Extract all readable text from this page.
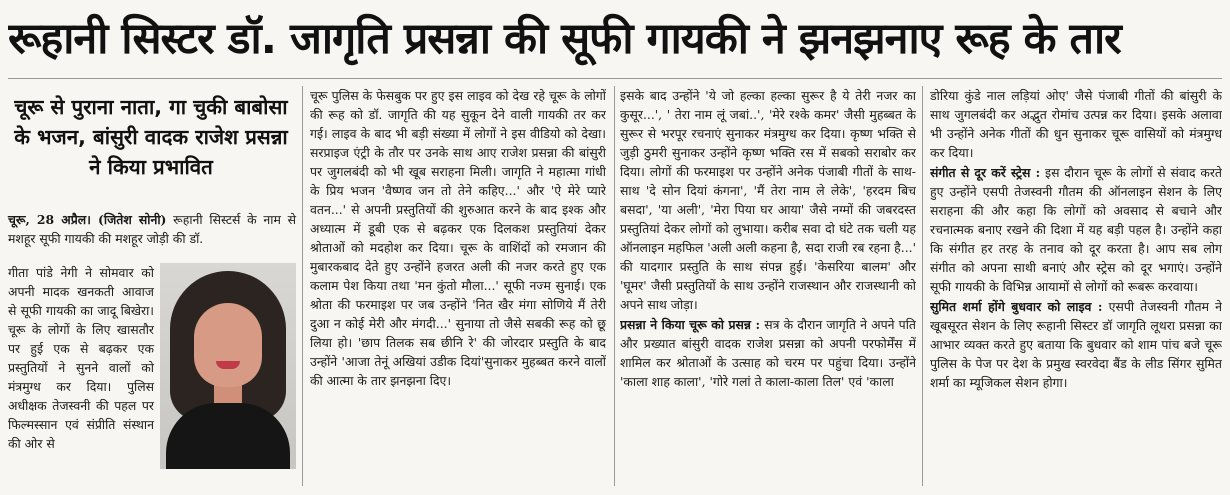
रूहानी सिस्टर डॉ. जागृति प्रसन्ना की सूफी गायकी ने झनझनाए रूह के तार
चूरू से पुराना नाता, गा चुकी बाबोसा के भजन, बांसुरी वादक राजेश प्रसन्ना ने किया प्रभावित
चूरू, 28 अप्रैल। (जितेश सोनी) रूहानी सिस्टर्स के नाम से मशहूर सूफी गायकी की मशहूर जोड़ी की डॉ.
गीता पांडे नेगी ने सोमवार को अपनी मादक खनकती आवाज से सूफी गायकी का जादू बिखेरा। चूरू के लोगों के लिए खासतौर पर हुई एक से बढ़कर एक प्रस्तुतियों ने सुनने वालों को मंत्रमुग्ध कर दिया। पुलिस अधीक्षक तेजस्वनी की पहल पर फिल्मस्सान एवं संप्रीति संस्थान की ओर से

चूरू पुलिस के फेसबुक पर हुए इस लाइव को देख रहे चूरू के लोगों की रूह को डॉ. जागृति की यह सुकून देने वाली गायकी तर कर गई। लाइव के बाद भी बड़ी संख्या में लोगों ने इस वीडियो को देखा। सरप्राइज एंट्री के तौर पर उनके साथ आए राजेश प्रसन्ना की बांसुरी पर जुगलबंदी को भी खूब सराहना मिली। जागृति ने महात्मा गांधी के प्रिय भजन 'वैष्णव जन तो तेने कहिए...' और 'ऐ मेरे प्यारे वतन...' से अपनी प्रस्तुतियों की शुरुआत करने के बाद इश्क और अध्यात्म में डूबी एक से बढ़कर एक दिलकश प्रस्तुतियां देकर श्रोताओं को मदहोश कर दिया। चूरू के वाशिंदों को रमजान की मुबारकबाद देते हुए उन्होंने हजरत अली की नजर करते हुए एक कलाम पेश किया तथा 'मन कुंतो मौला...' सूफी नज्म सुनाई। एक श्रोता की फरमाइश पर जब उन्होंने 'नित खैर मंगा सोणिये मैं तेरी दुआ न कोई मेरी और मंगदी...' सुनाया तो जैसे सबकी रूह को छू लिया हो। 'छाप तिलक सब छीनि रे' की जोरदार प्रस्तुति के बाद उन्होंने 'आजा तेनूं अखियां उडीक दियां'सुनाकर मुहब्बत करने वालों की आत्मा के तार झनझना दिए।

इसके बाद उन्होंने 'ये जो हल्का हल्का सुरूर है ये तेरी नजर का कुसूर...', ' तेरा नाम लूं जबां..', 'मेरे रश्के कमर' जैसी मुहब्बत के सुरूर से भरपूर रचनाएं सुनाकर मंत्रमुग्ध कर दिया। कृष्ण भक्ति से जुड़ी ठुमरी सुनाकर उन्होंने कृष्ण भक्ति रस में सबको सराबोर कर दिया। लोगों की फरमाइश पर उन्होंने अनेक पंजाबी गीतों के साथ-साथ 'दे सोन दियां कंगना', 'मैं तेरा नाम ले लेके', 'हरदम बिच बसदा', 'या अली', 'मेरा पिया घर आया' जैसे नग्मों की जबरदस्त प्रस्तुतियां देकर लोगों को लुभाया। करीब सवा दो घंटे तक चली यह ऑनलाइन महफिल 'अली अली कहना है, सदा राजी रब रहना है...' की यादगार प्रस्तुति के साथ संपन्न हुई। 'केसरिया बालम' और 'घूमर' जैसी प्रस्तुतियों के साथ उन्होंने राजस्थान और राजस्थानी को अपने साथ जोड़ा।

प्रसन्ना ने किया चूरू को प्रसन्न : सत्र के दौरान जागृति ने अपने पति और प्रख्यात बांसुरी वादक राजेश प्रसन्ना को अपनी परफोर्मेंस में शामिल कर श्रोताओं के उत्साह को चरम पर पहुंचा दिया। उन्होंने 'काला शाह काला', 'गोरे गलां ते काला-काला तिल' एवं 'काला

डोरिया कुंडे नाल लड़ियां ओए' जैसे पंजाबी गीतों की बांसुरी के साथ जुगलबंदी कर अद्भुत रोमांच उत्पन्न कर दिया। इसके अलावा भी उन्होंने अनेक गीतों की धुन सुनाकर चूरू वासियों को मंत्रमुग्ध कर दिया।

संगीत से दूर करें स्ट्रेस : इस दौरान चूरू के लोगों से संवाद करते हुए उन्होंने एसपी तेजस्वनी गौतम की ऑनलाइन सेशन के लिए सराहना की और कहा कि लोगों को अवसाद से बचाने और रचनात्मक बनाए रखने की दिशा में यह बड़ी पहल है। उन्होंने कहा कि संगीत हर तरह के तनाव को दूर करता है। आप सब लोग संगीत को अपना साथी बनाएं और स्ट्रेस को दूर भगाएं। उन्होंने सूफी गायकी के विभिन्न आयामों से लोगों को रूबरू करवाया।

सुमित शर्मा होंगे बुधवार को लाइव : एसपी तेजस्वनी गौतम ने खूबसूरत सेशन के लिए रूहानी सिस्टर डॉ जागृति लूथरा प्रसन्ना का आभार व्यक्त करते हुए बताया कि बुधवार को शाम पांच बजे चूरू पुलिस के पेज पर देश के प्रमुख स्वरवेदा बैंड के लीड सिंगर सुमित शर्मा का म्यूजिकल सेशन होगा।
